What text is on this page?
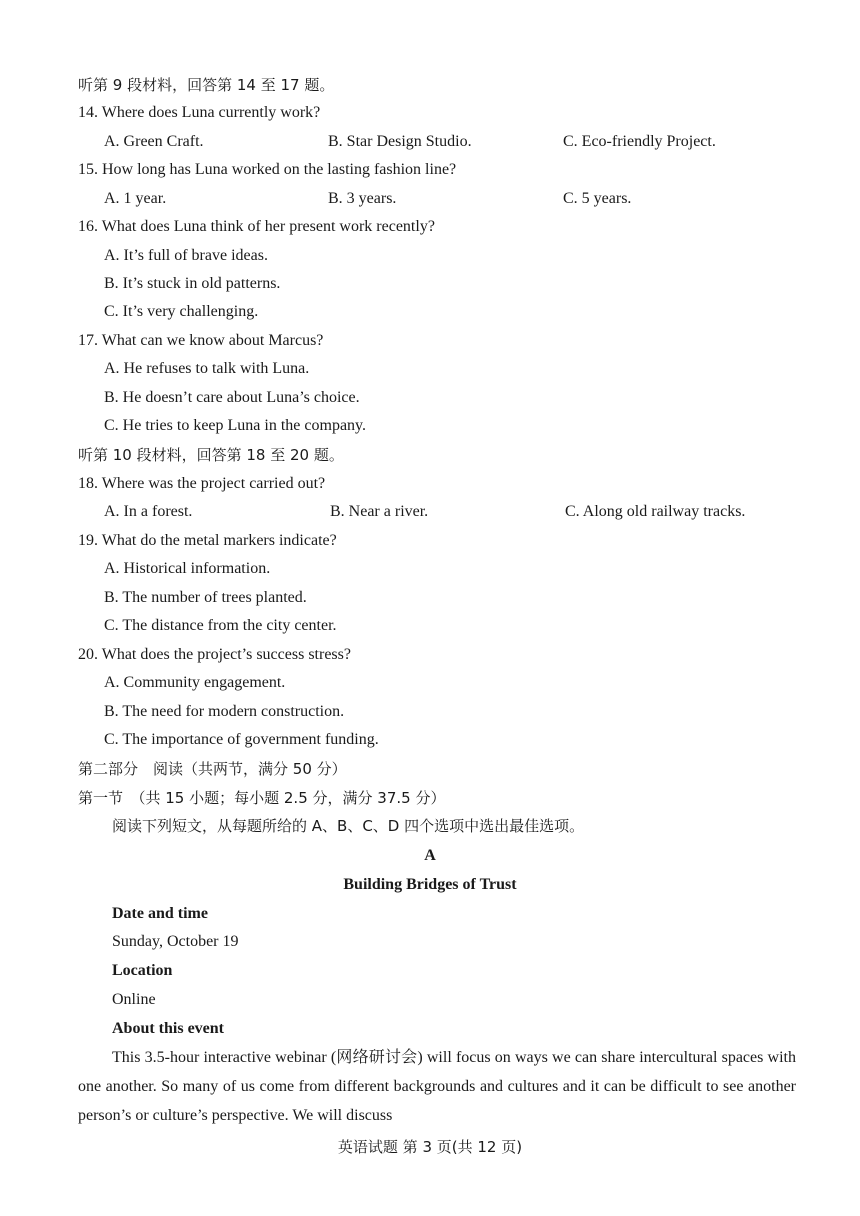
听第 9 段材料，回答第 14 至 17 题。
14. Where does Luna currently work?
A. Green Craft.	B. Star Design Studio.	C. Eco-friendly Project.
15. How long has Luna worked on the lasting fashion line?
A. 1 year.	B. 3 years.	C. 5 years.
16. What does Luna think of her present work recently?
A. It’s full of brave ideas.
B. It’s stuck in old patterns.
C. It’s very challenging.
17. What can we know about Marcus?
A. He refuses to talk with Luna.
B. He doesn’t care about Luna’s choice.
C. He tries to keep Luna in the company.
听第 10 段材料，回答第 18 至 20 题。
18. Where was the project carried out?
A. In a forest.	B. Near a river.	C. Along old railway tracks.
19. What do the metal markers indicate?
A. Historical information.
B. The number of trees planted.
C. The distance from the city center.
20. What does the project’s success stress?
A. Community engagement.
B. The need for modern construction.
C. The importance of government funding.
第二部分　阅读（共两节，满分 50 分）
第一节　（共 15 小题；每小题 2.5 分，满分 37.5 分）
阅读下列短文，从每题所给的 A、B、C、D 四个选项中选出最佳选项。
A
Building Bridges of Trust
Date and time
Sunday, October 19
Location
Online
About this event
This 3.5-hour interactive webinar (网络研讨会) will focus on ways we can share intercultural spaces with one another. So many of us come from different backgrounds and cultures and it can be difficult to see another person’s or culture’s perspective. We will discuss
英语试题 第 3 页(共 12 页)
